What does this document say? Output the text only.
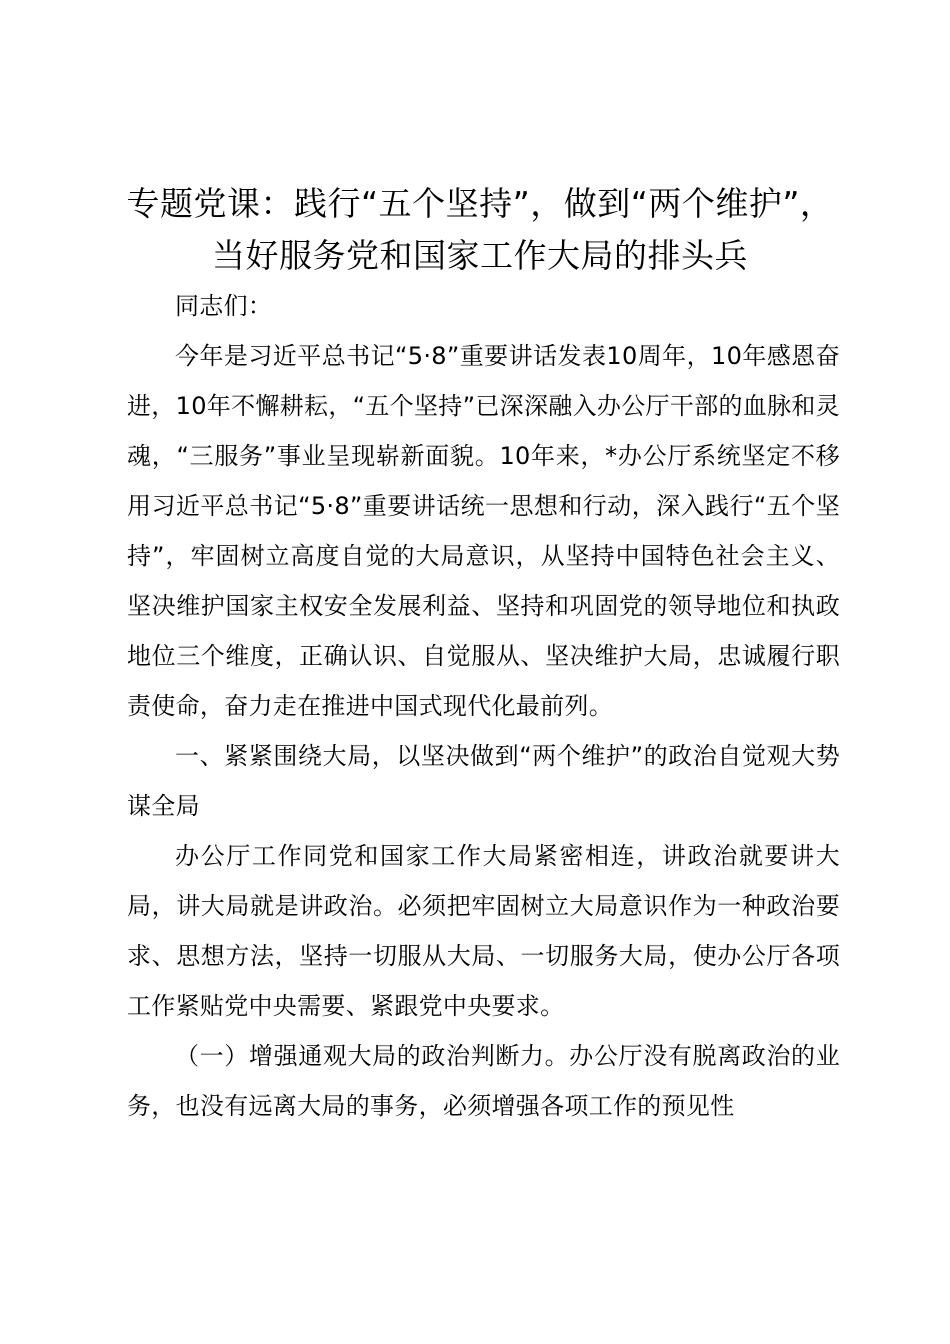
专题党课：践行“五个坚持”，做到“两个维护”，当好服务党和国家工作大局的排头兵

同志们：

今年是习近平总书记“5·8”重要讲话发表10周年，10年感恩奋进，10年不懈耕耘，“五个坚持”已深深融入办公厅干部的血脉和灵魂，“三服务”事业呈现崭新面貌。10年来，*办公厅系统坚定不移用习近平总书记“5·8”重要讲话统一思想和行动，深入践行“五个坚持”，牢固树立高度自觉的大局意识，从坚持中国特色社会主义、坚决维护国家主权安全发展利益、坚持和巩固党的领导地位和执政地位三个维度，正确认识、自觉服从、坚决维护大局，忠诚履行职责使命，奋力走在推进中国式现代化最前列。

一、紧紧围绕大局，以坚决做到“两个维护”的政治自觉观大势谋全局

办公厅工作同党和国家工作大局紧密相连，讲政治就要讲大局，讲大局就是讲政治。必须把牢固树立大局意识作为一种政治要求、思想方法，坚持一切服从大局、一切服务大局，使办公厅各项工作紧贴党中央需要、紧跟党中央要求。

（一）增强通观大局的政治判断力。办公厅没有脱离政治的业务，也没有远离大局的事务，必须增强各项工作的预见性
